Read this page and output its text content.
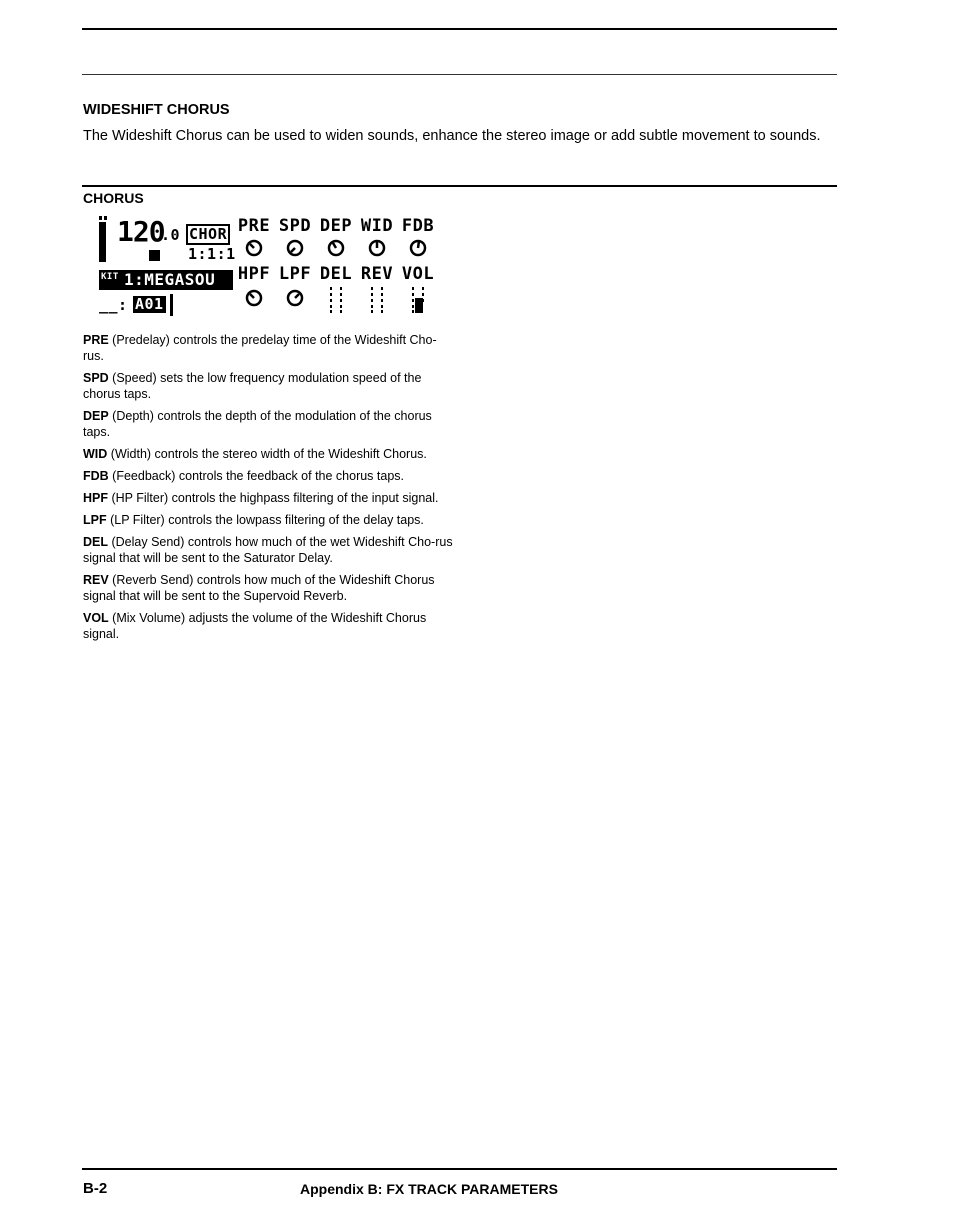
WIDESHIFT CHORUS
The Wideshift Chorus can be used to widen sounds, enhance the stereo image or add subtle movement to sounds.
CHORUS
120
.0 CHOR
1:1:1
KIT 1:MEGASOU
__: A01
PRE SPD DEP WID FDB
HPF LPF DEL REV VOL
PRE (Predelay) controls the predelay time of the Wideshift Cho-rus.
SPD (Speed) sets the low frequency modulation speed of the chorus taps.
DEP (Depth) controls the depth of the modulation of the chorus taps.
WID (Width) controls the stereo width of the Wideshift Chorus.
FDB (Feedback) controls the feedback of the chorus taps.
HPF (HP Filter) controls the highpass filtering of the input signal.
LPF (LP Filter) controls the lowpass filtering of the delay taps.
DEL (Delay Send) controls how much of the wet Wideshift Cho-rus signal that will be sent to the Saturator Delay.
REV (Reverb Send) controls how much of the Wideshift Chorus signal that will be sent to the Supervoid Reverb.
VOL (Mix Volume) adjusts the volume of the Wideshift Chorus signal.
B-2	Appendix B: FX TRACK PARAMETERS
